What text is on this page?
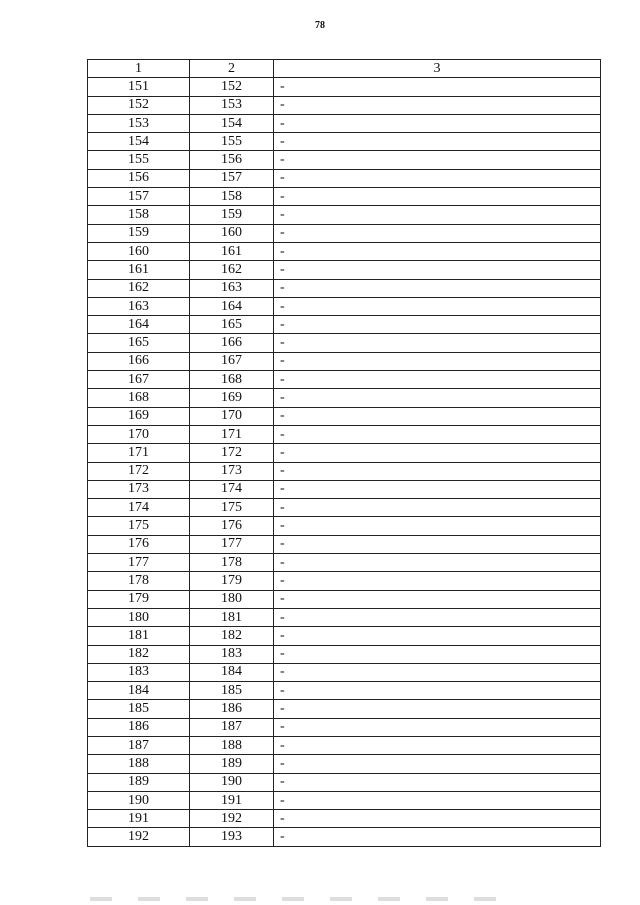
78
1	2	3
151	152	-
152	153	-
153	154	-
154	155	-
155	156	-
156	157	-
157	158	-
158	159	-
159	160	-
160	161	-
161	162	-
162	163	-
163	164	-
164	165	-
165	166	-
166	167	-
167	168	-
168	169	-
169	170	-
170	171	-
171	172	-
172	173	-
173	174	-
174	175	-
175	176	-
176	177	-
177	178	-
178	179	-
179	180	-
180	181	-
181	182	-
182	183	-
183	184	-
184	185	-
185	186	-
186	187	-
187	188	-
188	189	-
189	190	-
190	191	-
191	192	-
192	193	-
